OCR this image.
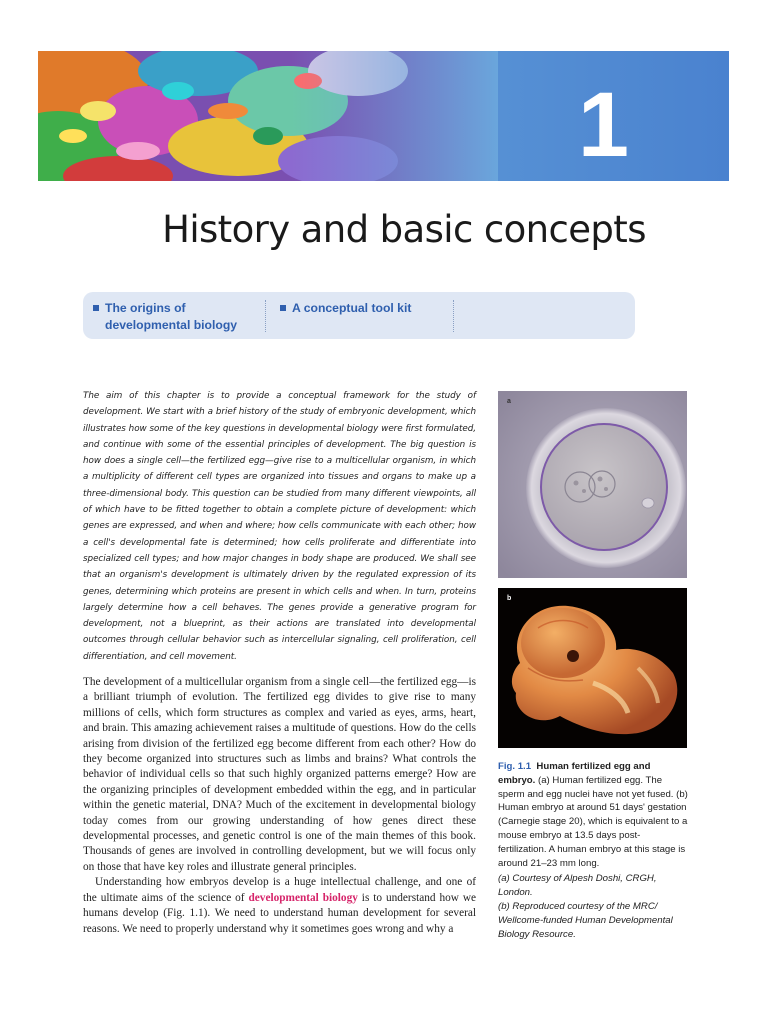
1
History and basic concepts
The origins of developmental biology
A conceptual tool kit

The aim of this chapter is to provide a conceptual framework for the study of development. We start with a brief history of the study of embryonic development, which illustrates how some of the key questions in developmental biology were first formulated, and continue with some of the essential principles of development. The big question is how does a single cell—the fertilized egg—give rise to a multicellular organism, in which a multiplicity of different cell types are organized into tissues and organs to make up a three-dimensional body. This question can be studied from many different viewpoints, all of which have to be fitted together to obtain a complete picture of development: which genes are expressed, and when and where; how cells communicate with each other; how a cell's developmental fate is determined; how cells proliferate and differentiate into specialized cell types; and how major changes in body shape are produced. We shall see that an organism's development is ultimately driven by the regulated expression of its genes, determining which proteins are present in which cells and when. In turn, proteins largely determine how a cell behaves. The genes provide a generative program for development, not a blueprint, as their actions are translated into developmental outcomes through cellular behavior such as intercellular signaling, cell proliferation, cell differentiation, and cell movement.

The development of a multicellular organism from a single cell—the fertilized egg—is a brilliant triumph of evolution. The fertilized egg divides to give rise to many millions of cells, which form structures as complex and varied as eyes, arms, heart, and brain. This amazing achievement raises a multitude of questions. How do the cells arising from division of the fertilized egg become different from each other? How do they become organized into structures such as limbs and brains? What controls the behavior of individual cells so that such highly organized patterns emerge? How are the organizing principles of development embedded within the egg, and in particular within the genetic material, DNA? Much of the excitement in developmental biology today comes from our growing understanding of how genes direct these developmental processes, and genetic control is one of the main themes of this book. Thousands of genes are involved in controlling development, but we will focus only on those that have key roles and illustrate general principles.

Understanding how embryos develop is a huge intellectual challenge, and one of the ultimate aims of the science of developmental biology is to understand how we humans develop (Fig. 1.1). We need to understand human development for several reasons. We need to properly understand why it sometimes goes wrong and why a

a
b
Fig. 1.1 Human fertilized egg and embryo. (a) Human fertilized egg. The sperm and egg nuclei have not yet fused. (b) Human embryo at around 51 days' gestation (Carnegie stage 20), which is equivalent to a mouse embryo at 13.5 days post-fertilization. A human embryo at this stage is around 21–23 mm long.
(a) Courtesy of Alpesh Doshi, CRGH, London.
(b) Reproduced courtesy of the MRC/ Wellcome-funded Human Developmental Biology Resource.
